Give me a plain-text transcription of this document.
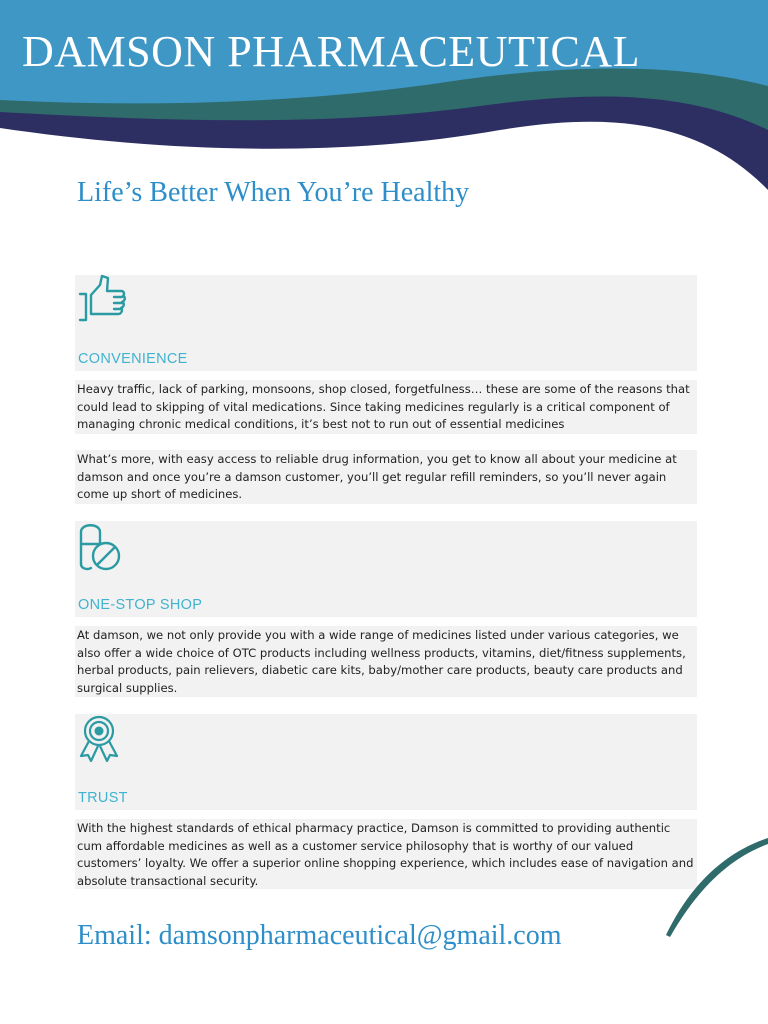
DAMSON PHARMACEUTICAL
Life’s Better When You’re Healthy
CONVENIENCE
Heavy traffic, lack of parking, monsoons, shop closed, forgetfulness… these are some of the reasons that could lead to skipping of vital medications. Since taking medicines regularly is a critical component of managing chronic medical conditions, it’s best not to run out of essential medicines
What’s more, with easy access to reliable drug information, you get to know all about your medicine at damson and once you’re a damson customer, you’ll get regular refill reminders, so you’ll never again come up short of medicines.
ONE-STOP SHOP
At damson, we not only provide you with a wide range of medicines listed under various categories, we also offer a wide choice of OTC products including wellness products, vitamins, diet/fitness supplements, herbal products, pain relievers, diabetic care kits, baby/mother care products, beauty care products and surgical supplies.
TRUST
With the highest standards of ethical pharmacy practice, Damson is committed to providing authentic cum affordable medicines as well as a customer service philosophy that is worthy of our valued customers’ loyalty. We offer a superior online shopping experience, which includes ease of navigation and absolute transactional security.
Email: damsonpharmaceutical@gmail.com
